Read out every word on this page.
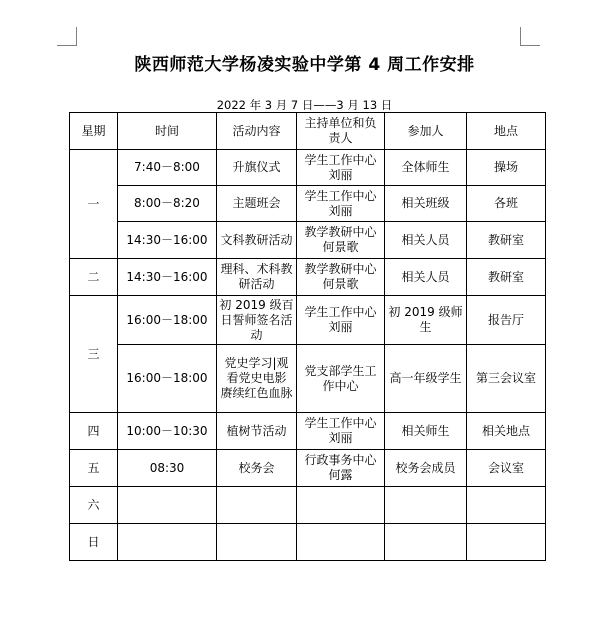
陕西师范大学杨凌实验中学第 4 周工作安排
2022 年 3 月 7 日——3 月 13 日
星期	时间	活动内容	主持单位和负责人	参加人	地点
一	7:40－8:00	升旗仪式	学生工作中心刘丽	全体师生	操场
	8:00－8:20	主题班会	学生工作中心刘丽	相关班级	各班
	14:30－16:00	文科教研活动	教学教研中心何景歌	相关人员	教研室
二	14:30－16:00	理科、术科教研活动	教学教研中心何景歌	相关人员	教研室
三	16:00－18:00	初 2019 级百日誓师签名活动	学生工作中心刘丽	初 2019 级师生	报告厅
	16:00－18:00	党史学习|观看党史电影 赓续红色血脉	党支部学生工作中心	高一年级学生	第三会议室
四	10:00－10:30	植树节活动	学生工作中心刘丽	相关师生	相关地点
五	08:30	校务会	行政事务中心何露	校务会成员	会议室
六					
日					
